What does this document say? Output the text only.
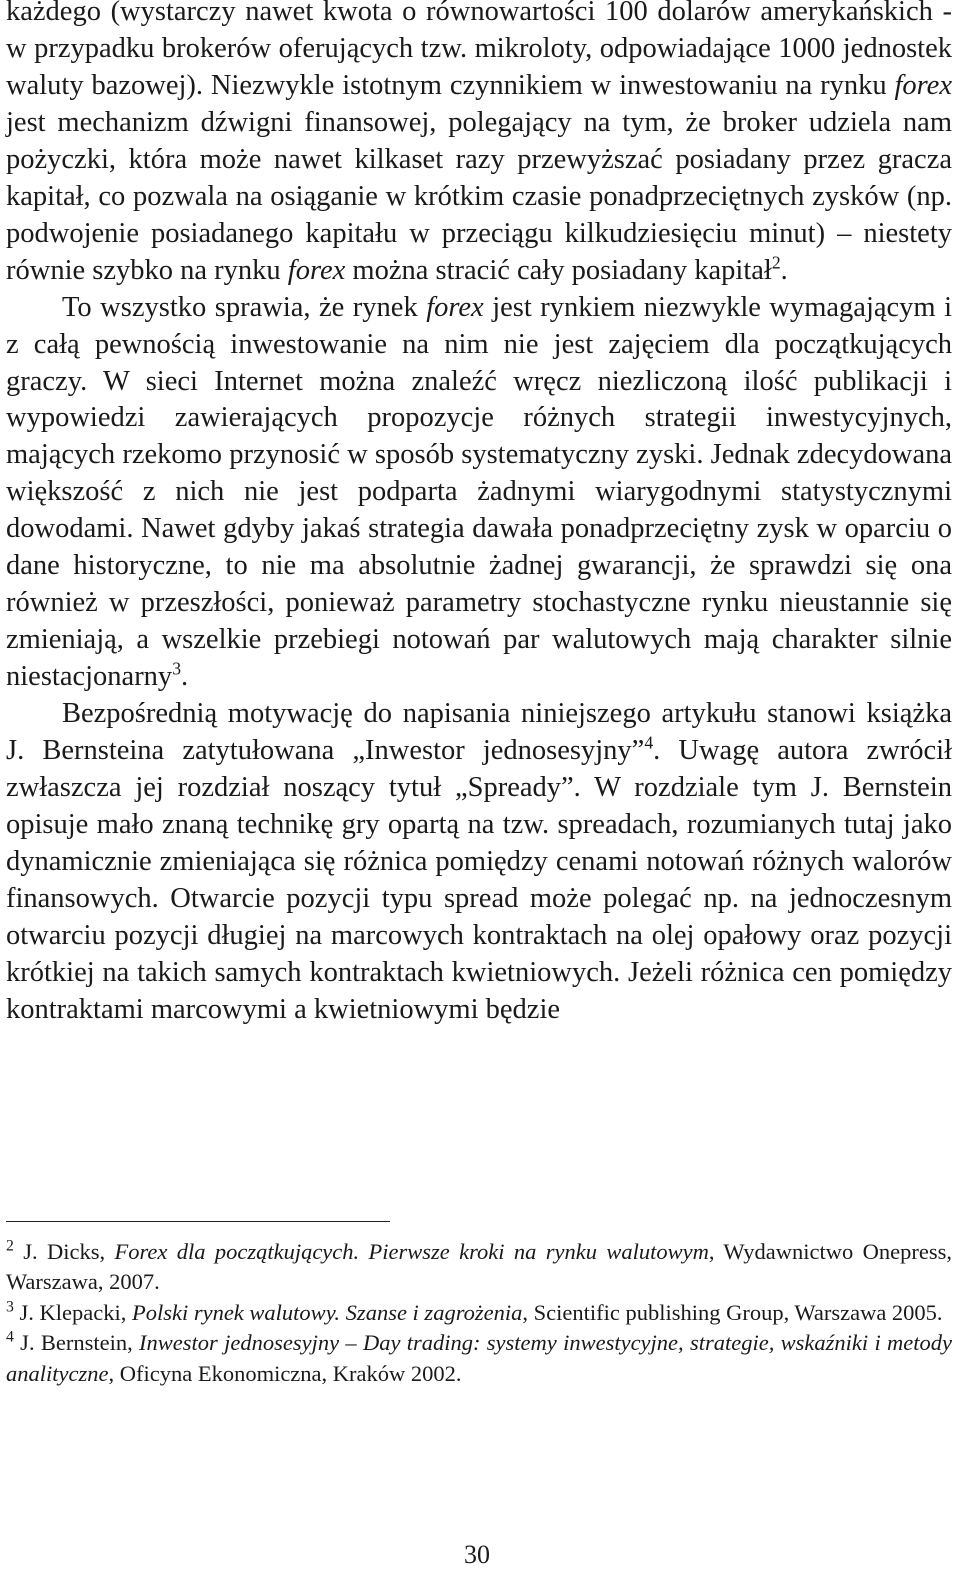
każdego (wystarczy nawet kwota o równowartości 100 dolarów amerykańskich - w przypadku brokerów oferujących tzw. mikroloty, odpowiadające 1000 jednostek waluty bazowej). Niezwykle istotnym czynnikiem w inwestowaniu na rynku forex jest mechanizm dźwigni finansowej, polegający na tym, że broker udziela nam pożyczki, która może nawet kilkaset razy przewyższać posiadany przez gracza kapitał, co pozwala na osiąganie w krótkim czasie ponadprzeciętnych zysków (np. podwojenie posiadanego kapitału w przeciągu kilkudziesięciu minut) – niestety równie szybko na rynku forex można stracić cały posiadany kapitał$^2$.

To wszystko sprawia, że rynek forex jest rynkiem niezwykle wymagającym i z całą pewnością inwestowanie na nim nie jest zajęciem dla początkujących graczy. W sieci Internet można znaleźć wręcz niezliczoną ilość publikacji i wypowiedzi zawierających propozycje różnych strategii inwestycyjnych, mających rzekomo przynosić w sposób systematyczny zyski. Jednak zdecydowana większość z nich nie jest podparta żadnymi wiarygodnymi statystycznymi dowodami. Nawet gdyby jakaś strategia dawała ponadprzeciętny zysk w oparciu o dane historyczne, to nie ma absolutnie żadnej gwarancji, że sprawdzi się ona również w przeszłości, ponieważ parametry stochastyczne rynku nieustannie się zmieniają, a wszelkie przebiegi notowań par walutowych mają charakter silnie niestacjonarny$^3$.

Bezpośrednią motywację do napisania niniejszego artykułu stanowi książka J. Bernsteina zatytułowana „Inwestor jednosesyjny”$^4$. Uwagę autora zwrócił zwłaszcza jej rozdział noszący tytuł „Spready”. W rozdziale tym J. Bernstein opisuje mało znaną technikę gry opartą na tzw. spreadach, rozumianych tutaj jako dynamicznie zmieniająca się różnica pomiędzy cenami notowań różnych walorów finansowych. Otwarcie pozycji typu spread może polegać np. na jednoczesnym otwarciu pozycji długiej na marcowych kontraktach na olej opałowy oraz pozycji krótkiej na takich samych kontraktach kwietniowych. Jeżeli różnica cen pomiędzy kontraktami marcowymi a kwietniowymi będzie

$^2$ J. Dicks, Forex dla początkujących. Pierwsze kroki na rynku walutowym, Wydawnictwo Onepress, Warszawa, 2007.

$^3$ J. Klepacki, Polski rynek walutowy. Szanse i zagrożenia, Scientific publishing Group, Warszawa 2005.

$^4$ J. Bernstein, Inwestor jednosesyjny – Day trading: systemy inwestycyjne, strategie, wskaźniki i metody analityczne, Oficyna Ekonomiczna, Kraków 2002.

30
